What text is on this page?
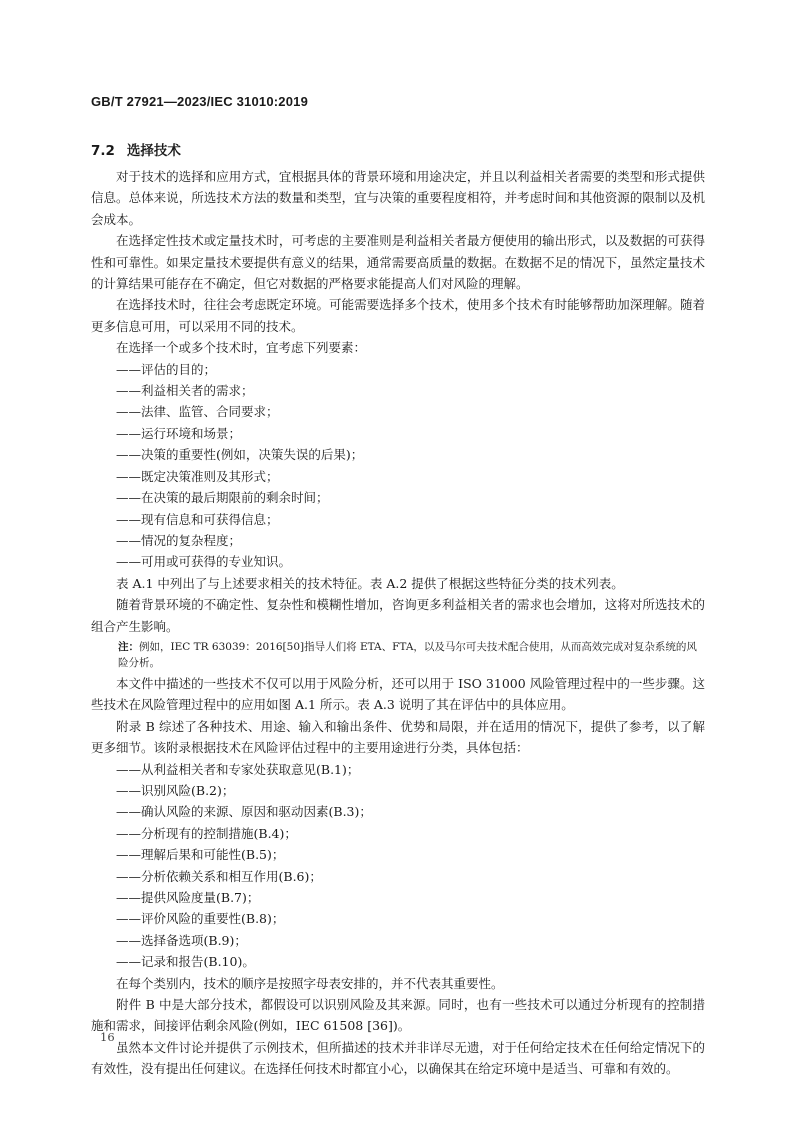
GB/T 27921—2023/IEC 31010:2019
7.2 选择技术

对于技术的选择和应用方式，宜根据具体的背景环境和用途决定，并且以利益相关者需要的类型和形式提供信息。总体来说，所选技术方法的数量和类型，宜与决策的重要程度相符，并考虑时间和其他资源的限制以及机会成本。

在选择定性技术或定量技术时，可考虑的主要准则是利益相关者最方便使用的输出形式，以及数据的可获得性和可靠性。如果定量技术要提供有意义的结果，通常需要高质量的数据。在数据不足的情况下，虽然定量技术的计算结果可能存在不确定，但它对数据的严格要求能提高人们对风险的理解。

在选择技术时，往往会考虑既定环境。可能需要选择多个技术，使用多个技术有时能够帮助加深理解。随着更多信息可用，可以采用不同的技术。

在选择一个或多个技术时，宜考虑下列要素：

——评估的目的；
——利益相关者的需求；
——法律、监管、合同要求；
——运行环境和场景；
——决策的重要性(例如，决策失误的后果)；
——既定决策准则及其形式；
——在决策的最后期限前的剩余时间；
——现有信息和可获得信息；
——情况的复杂程度；
——可用或可获得的专业知识。

表 A.1 中列出了与上述要求相关的技术特征。表 A.2 提供了根据这些特征分类的技术列表。

随着背景环境的不确定性、复杂性和模糊性增加，咨询更多利益相关者的需求也会增加，这将对所选技术的组合产生影响。

注：例如，IEC TR 63039：2016[50]指导人们将 ETA、FTA，以及马尔可夫技术配合使用，从而高效完成对复杂系统的风险分析。

本文件中描述的一些技术不仅可以用于风险分析，还可以用于 ISO 31000 风险管理过程中的一些步骤。这些技术在风险管理过程中的应用如图 A.1 所示。表 A.3 说明了其在评估中的具体应用。

附录 B 综述了各种技术、用途、输入和输出条件、优势和局限，并在适用的情况下，提供了参考，以了解更多细节。该附录根据技术在风险评估过程中的主要用途进行分类，具体包括：

——从利益相关者和专家处获取意见(B.1)；
——识别风险(B.2)；
——确认风险的来源、原因和驱动因素(B.3)；
——分析现有的控制措施(B.4)；
——理解后果和可能性(B.5)；
——分析依赖关系和相互作用(B.6)；
——提供风险度量(B.7)；
——评价风险的重要性(B.8)；
——选择备选项(B.9)；
——记录和报告(B.10)。

在每个类别内，技术的顺序是按照字母表安排的，并不代表其重要性。

附件 B 中是大部分技术，都假设可以识别风险及其来源。同时，也有一些技术可以通过分析现有的控制措施和需求，间接评估剩余风险(例如，IEC 61508 [36])。

虽然本文件讨论并提供了示例技术，但所描述的技术并非详尽无遗，对于任何给定技术在任何给定情况下的有效性，没有提出任何建议。在选择任何技术时都宜小心，以确保其在给定环境中是适当、可靠和有效的。

16
